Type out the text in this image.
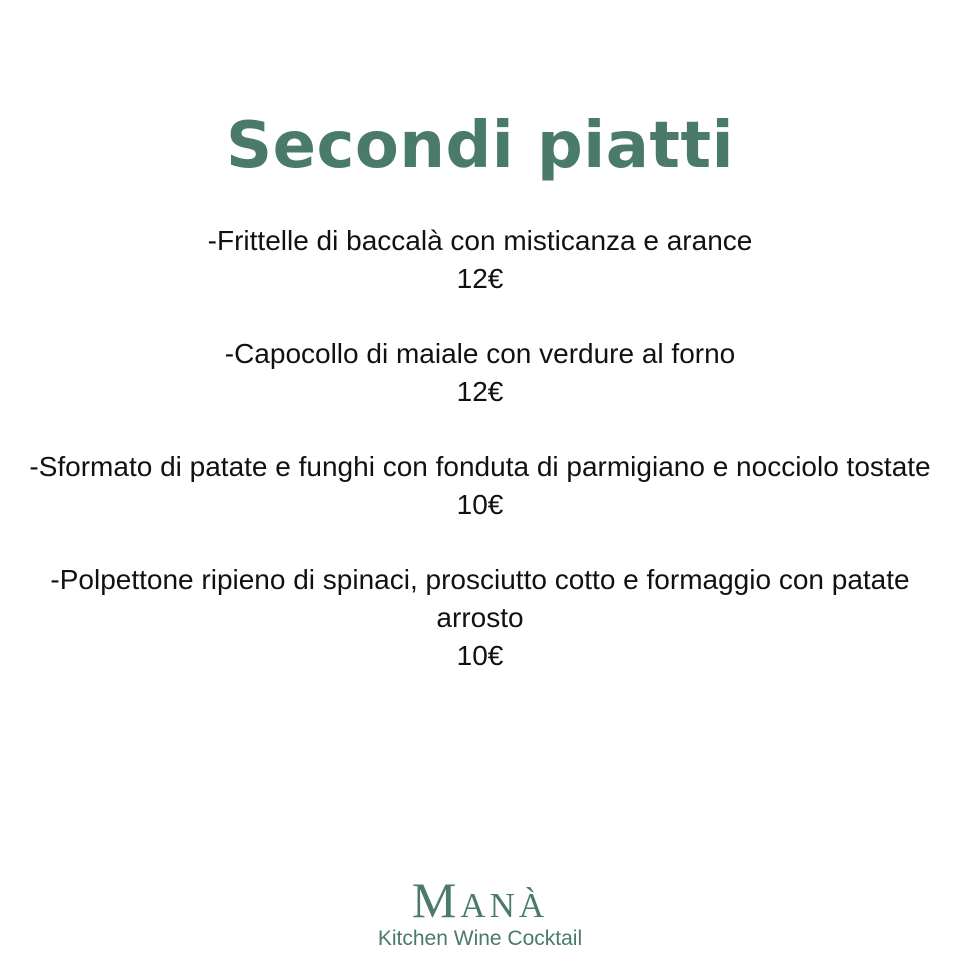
Secondi piatti
-Frittelle di baccalà con misticanza e arance
12€
-Capocollo di maiale con verdure al forno
12€
-Sformato di patate e funghi con fonduta di parmigiano e nocciolo tostate
10€
-Polpettone ripieno di spinaci, prosciutto cotto e formaggio con patate arrosto
10€
Manà
Kitchen Wine Cocktail
